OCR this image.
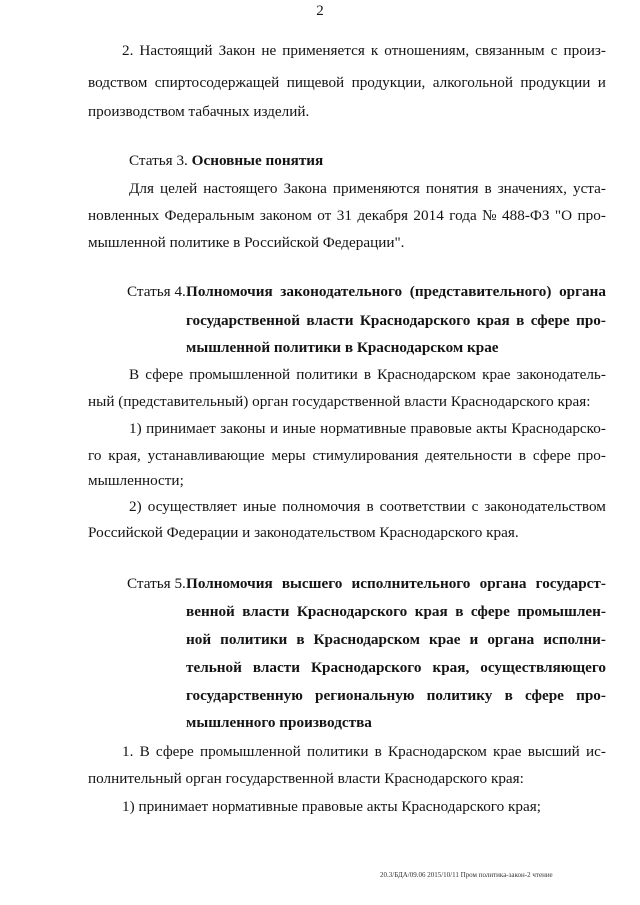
2
2. Настоящий Закон не применяется к отношениям, связанным с произ-
водством спиртосодержащей пищевой продукции, алкогольной продукции и
производством табачных изделий.
Статья 3. Основные понятия
Для целей настоящего Закона применяются понятия в значениях, уста-
новленных Федеральным законом от 31 декабря 2014 года № 488-ФЗ "О про-
мышленной политике в Российской Федерации".
Статья 4. Полномочия законодательного (представительного) органа
государственной власти Краснодарского края в сфере про-
мышленной политики в Краснодарском крае
В сфере промышленной политики в Краснодарском крае законодатель-
ный (представительный) орган государственной власти Краснодарского края:
1) принимает законы и иные нормативные правовые акты Краснодарско-
го края, устанавливающие меры стимулирования деятельности в сфере про-
мышленности;
2) осуществляет иные полномочия в соответствии с законодательством
Российской Федерации и законодательством Краснодарского края.
Статья 5. Полномочия высшего исполнительного органа государст-
венной власти Краснодарского края в сфере промышлен-
ной политики в Краснодарском крае и органа исполни-
тельной власти Краснодарского края, осуществляющего
государственную региональную политику в сфере про-
мышленного производства
1. В сфере промышленной политики в Краснодарском крае высший ис-
полнительный орган государственной власти Краснодарского края:
1) принимает нормативные правовые акты Краснодарского края;
20.3/БДА/09.06 2015/10/11 Пром политика-закон-2 чтение
